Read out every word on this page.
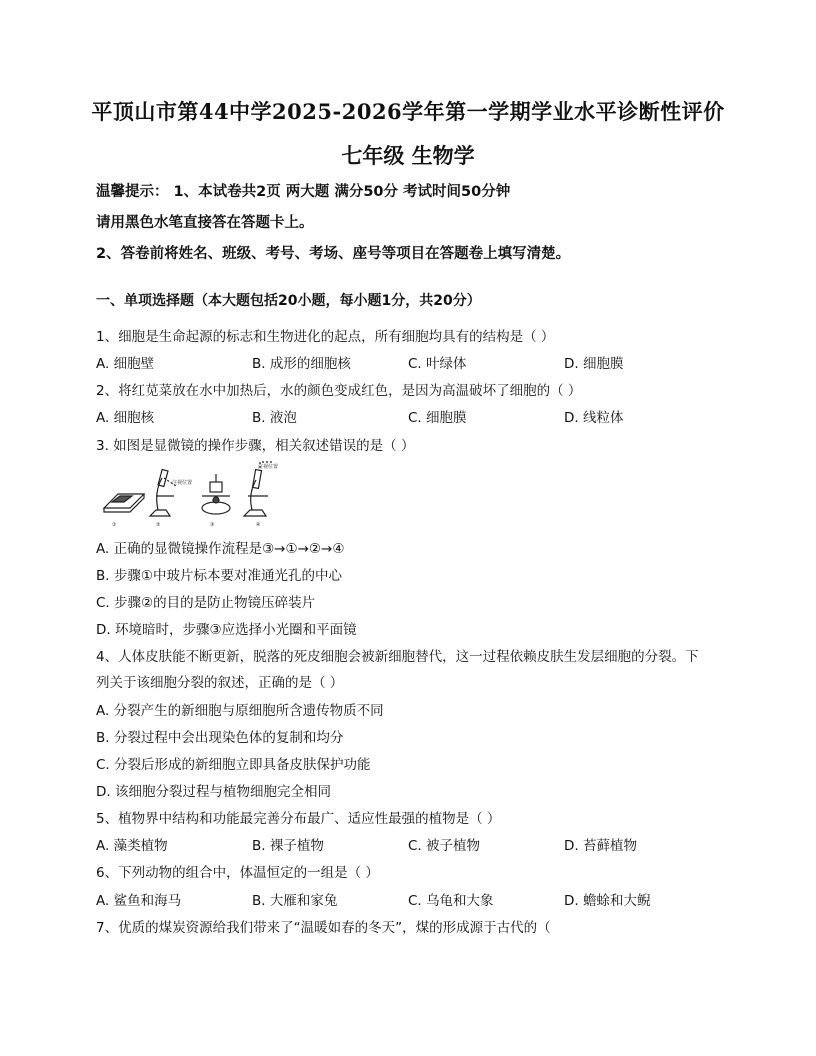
平顶山市第44中学2025-2026学年第一学期学业水平诊断性评价
七年级 生物学
温馨提示： 1、本试卷共2页 两大题 满分50分 考试时间50分钟
请用黑色水笔直接答在答题卡上。
2、答卷前将姓名、班级、考号、考场、座号等项目在答题卷上填写清楚。
一、单项选择题（本大题包括20小题，每小题1分，共20分）
1、细胞是生命起源的标志和生物进化的起点，所有细胞均具有的结构是（ ）
A. 细胞壁	B. 成形的细胞核	C. 叶绿体	D. 细胞膜
2、将红苋菜放在水中加热后，水的颜色变成红色，是因为高温破坏了细胞的（ ）
A. 细胞核	B. 液泡	C. 细胞膜	D. 线粒体
3. 如图是显微镜的操作步骤，相关叙述错误的是（ ）
①	②	③	④
注视位置
注视位置
A. 正确的显微镜操作流程是③→①→②→④
B. 步骤①中玻片标本要对准通光孔的中心
C. 步骤②的目的是防止物镜压碎装片
D. 环境暗时，步骤③应选择小光圈和平面镜
4、人体皮肤能不断更新，脱落的死皮细胞会被新细胞替代，这一过程依赖皮肤生发层细胞的分裂。下
列关于该细胞分裂的叙述，正确的是（ ）
A. 分裂产生的新细胞与原细胞所含遗传物质不同
B. 分裂过程中会出现染色体的复制和均分
C. 分裂后形成的新细胞立即具备皮肤保护功能
D. 该细胞分裂过程与植物细胞完全相同
5、植物界中结构和功能最完善分布最广、适应性最强的植物是（ ）
A. 藻类植物	B. 裸子植物	C. 被子植物	D. 苔藓植物
6、下列动物的组合中，体温恒定的一组是（ ）
A. 鲨鱼和海马	B. 大雁和家兔	C. 乌龟和大象	D. 蟾蜍和大鲵
7、优质的煤炭资源给我们带来了“温暖如春的冬天”，煤的形成源于古代的（
